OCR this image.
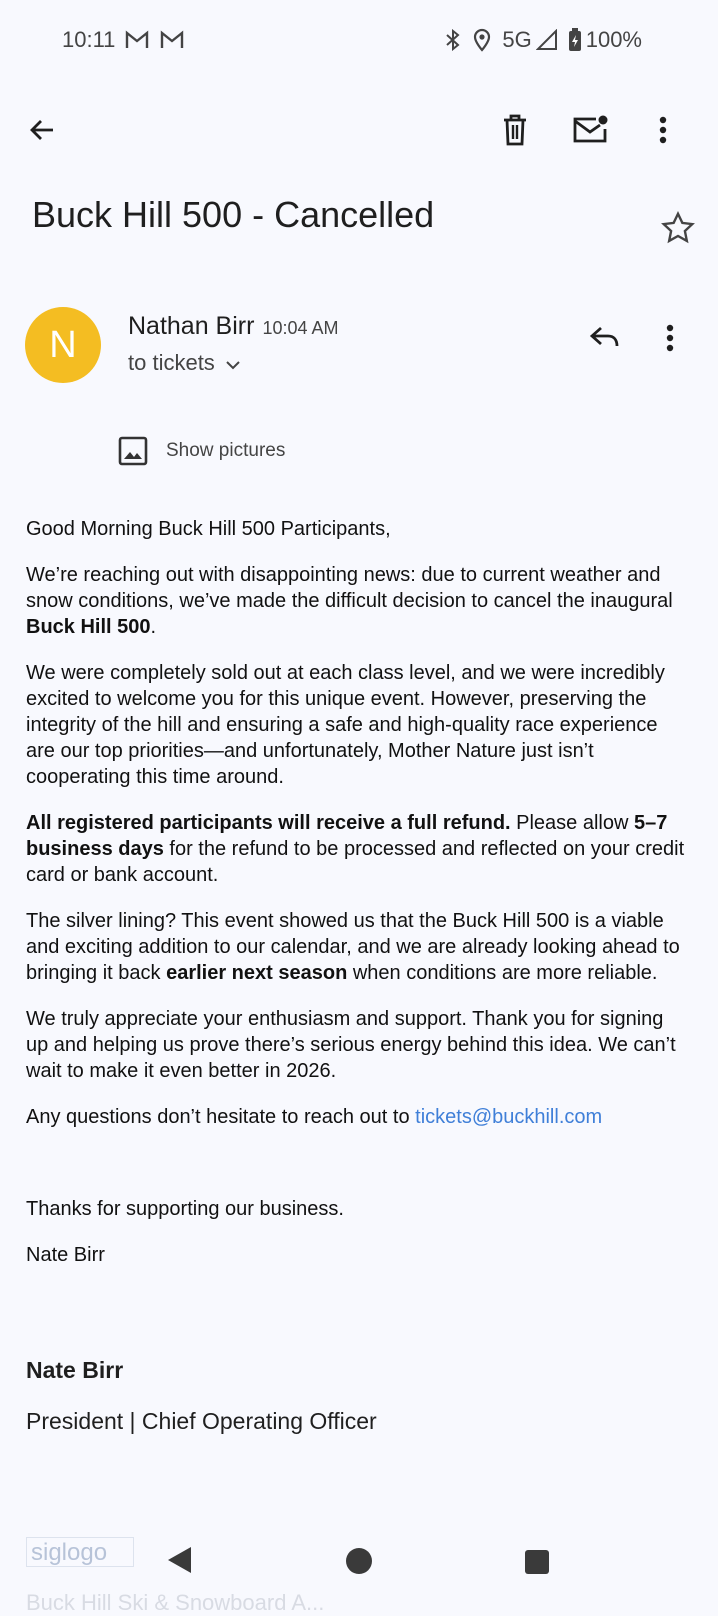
10:11	5G 100%
Buck Hill 500 - Cancelled
N	Nathan Birr 10:04 AM
to tickets
Show pictures

Good Morning Buck Hill 500 Participants,

We’re reaching out with disappointing news: due to current weather and snow conditions, we’ve made the difficult decision to cancel the inaugural Buck Hill 500.

We were completely sold out at each class level, and we were incredibly excited to welcome you for this unique event. However, preserving the integrity of the hill and ensuring a safe and high-quality race experience are our top priorities—and unfortunately, Mother Nature just isn’t cooperating this time around.

All registered participants will receive a full refund. Please allow 5–7 business days for the refund to be processed and reflected on your credit card or bank account.

The silver lining? This event showed us that the Buck Hill 500 is a viable and exciting addition to our calendar, and we are already looking ahead to bringing it back earlier next season when conditions are more reliable.

We truly appreciate your enthusiasm and support. Thank you for signing up and helping us prove there’s serious energy behind this idea. We can’t wait to make it even better in 2026.

Any questions don’t hesitate to reach out to tickets@buckhill.com

Thanks for supporting our business.

Nate Birr

Nate Birr
President | Chief Operating Officer
siglogo
Buck Hill Ski & Snowboard A...
